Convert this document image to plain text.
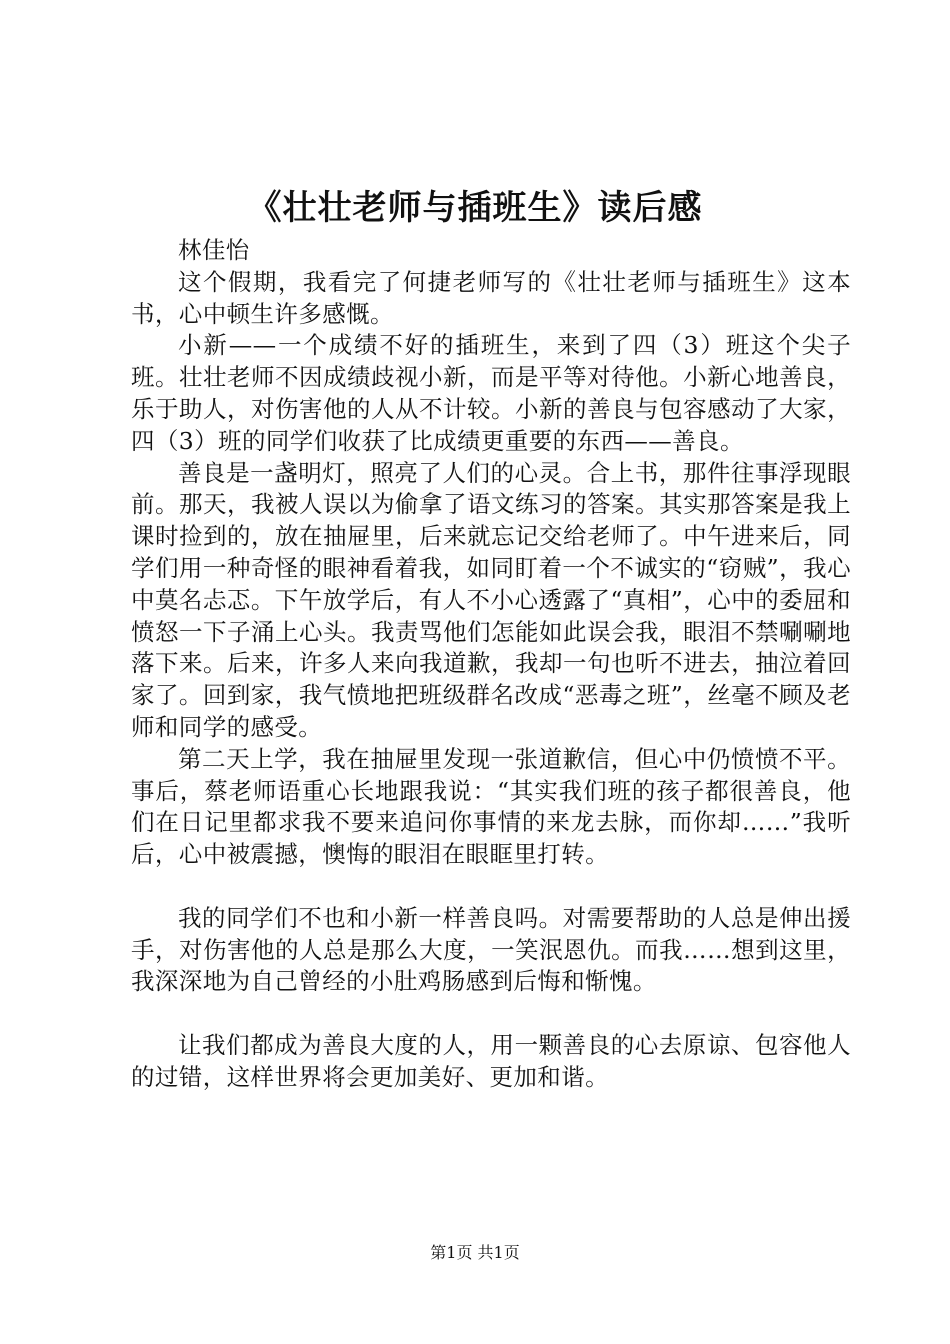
《壮壮老师与插班生》读后感

林佳怡

这个假期，我看完了何捷老师写的《壮壮老师与插班生》这本书，心中顿生许多感慨。

小新——一个成绩不好的插班生，来到了四（3）班这个尖子班。壮壮老师不因成绩歧视小新，而是平等对待他。小新心地善良，乐于助人，对伤害他的人从不计较。小新的善良与包容感动了大家，四（3）班的同学们收获了比成绩更重要的东西——善良。

善良是一盏明灯，照亮了人们的心灵。合上书，那件往事浮现眼前。那天，我被人误以为偷拿了语文练习的答案。其实那答案是我上课时捡到的，放在抽屉里，后来就忘记交给老师了。中午进来后，同学们用一种奇怪的眼神看着我，如同盯着一个不诚实的“窃贼”，我心中莫名忐忑。下午放学后，有人不小心透露了“真相”，心中的委屈和愤怒一下子涌上心头。我责骂他们怎能如此误会我，眼泪不禁唰唰地落下来。后来，许多人来向我道歉，我却一句也听不进去，抽泣着回家了。回到家，我气愤地把班级群名改成“恶毒之班”，丝毫不顾及老师和同学的感受。

第二天上学，我在抽屉里发现一张道歉信，但心中仍愤愤不平。事后，蔡老师语重心长地跟我说：“其实我们班的孩子都很善良，他们在日记里都求我不要来追问你事情的来龙去脉，而你却……”我听后，心中被震撼，懊悔的眼泪在眼眶里打转。

我的同学们不也和小新一样善良吗。对需要帮助的人总是伸出援手，对伤害他的人总是那么大度，一笑泯恩仇。而我……想到这里，我深深地为自己曾经的小肚鸡肠感到后悔和惭愧。

让我们都成为善良大度的人，用一颗善良的心去原谅、包容他人的过错，这样世界将会更加美好、更加和谐。

第1页 共1页
